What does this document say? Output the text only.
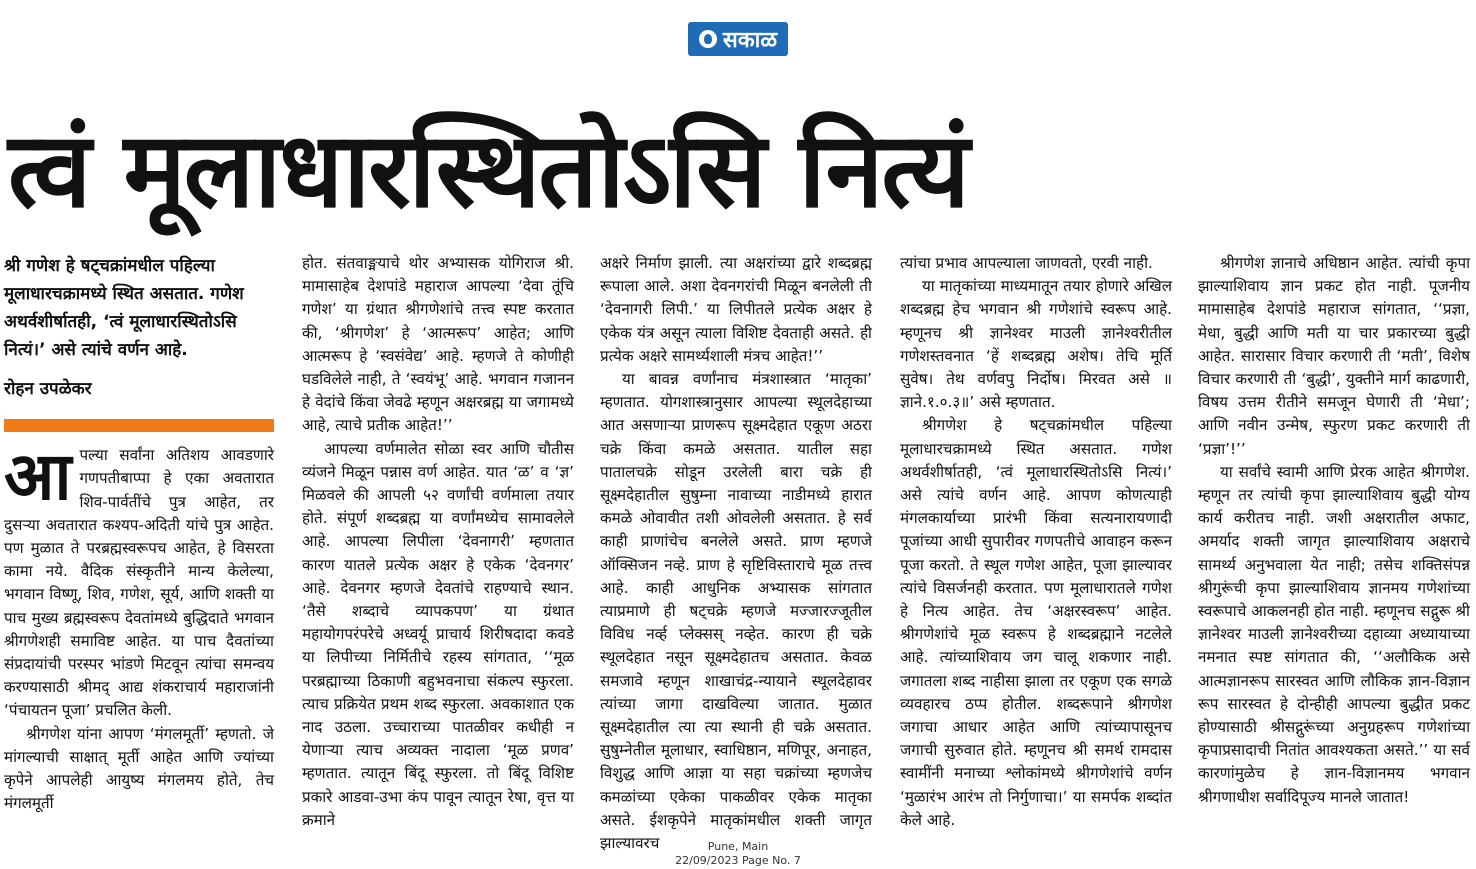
सकाळ
त्वं मूलाधारस्थितोऽसि नित्यं
श्री गणेश हे षट्चक्रांमधील पहिल्या मूलाधारचक्रामध्ये स्थित असतात. गणेश अथर्वशीर्षातही, ‘त्वं मूलाधारस्थितोऽसि नित्यं।’ असे त्यांचे वर्णन आहे.
रोहन उपळेकर

आपल्या सर्वांना अतिशय आवडणारे गणपतीबाप्पा हे एका अवतारात शिव-पार्वतींचे पुत्र आहेत, तर दुसऱ्या अवतारात कश्यप-अदिती यांचे पुत्र आहेत. पण मुळात ते परब्रह्मस्वरूपच आहेत, हे विसरता कामा नये. वैदिक संस्कृतीने मान्य केलेल्या, भगवान विष्णू, शिव, गणेश, सूर्य, आणि शक्ती या पाच मुख्य ब्रह्मस्वरूप देवतांमध्ये बुद्धिदाते भगवान श्रीगणेशही समाविष्ट आहेत. या पाच दैवतांच्या संप्रदायांची परस्पर भांडणे मिटवून त्यांचा समन्वय करण्यासाठी श्रीमद् आद्य शंकराचार्य महाराजांनी ‘पंचायतन पूजा’ प्रचलित केली.

श्रीगणेश यांना आपण ‘मंगलमूर्ती’ म्हणतो. जे मांगल्याची साक्षात् मूर्ती आहेत आणि ज्यांच्या कृपेने आपलेही आयुष्य मंगलमय होते, तेच मंगलमूर्ती

होत. संतवाङ्मयाचे थोर अभ्यासक योगिराज श्री. मामासाहेब देशपांडे महाराज आपल्या ‘देवा तूंचि गणेश’ या ग्रंथात श्रीगणेशांचे तत्त्व स्पष्ट करतात की, ‘श्रीगणेश’ हे ‘आत्मरूप’ आहेत; आणि आत्मरूप हे ‘स्वसंवेद्य’ आहे. म्हणजे ते कोणीही घडविलेले नाही, ते ‘स्वयंभू’ आहे. भगवान गजानन हे वेदांचे किंवा जेवढे म्हणून अक्षरब्रह्म या जगामध्ये आहे, त्याचे प्रतीक आहेत!’’

आपल्या वर्णमालेत सोळा स्वर आणि चौतीस व्यंजने मिळून पन्नास वर्ण आहेत. यात ‘ळ’ व ‘ज्ञ’ मिळवले की आपली ५२ वर्णांची वर्णमाला तयार होते. संपूर्ण शब्दब्रह्म या वर्णांमध्येच सामावलेले आहे. आपल्या लिपीला ‘देवनागरी’ म्हणतात कारण यातले प्रत्येक अक्षर हे एकेक ‘देवनगर’ आहे. देवनगर म्हणजे देवतांचे राहण्याचे स्थान. ‘तैसे शब्दाचे व्यापकपण’ या ग्रंथात महायोगपरंपरेचे अध्वर्यू प्राचार्य शिरीषदादा कवडे या लिपीच्या निर्मितीचे रहस्य सांगतात, ‘‘मूळ परब्रह्माच्या ठिकाणी बहुभवनाचा संकल्प स्फुरला. त्याच प्रक्रियेत प्रथम शब्द स्फुरला. अवकाशात एक नाद उठला. उच्चाराच्या पातळीवर कधीही न येणाऱ्या त्याच अव्यक्त नादाला ‘मूळ प्रणव’ म्हणतात. त्यातून बिंदू स्फुरला. तो बिंदू विशिष्ट प्रकारे आडवा-उभा कंप पावून त्यातून रेषा, वृत्त या क्रमाने

अक्षरे निर्माण झाली. त्या अक्षरांच्या द्वारे शब्दब्रह्म रूपाला आले. अशा देवनगरांची मिळून बनलेली ती ‘देवनागरी लिपी.’ या लिपीतले प्रत्येक अक्षर हे एकेक यंत्र असून त्याला विशिष्ट देवताही असते. ही प्रत्येक अक्षरे सामर्थ्यशाली मंत्रच आहेत!’’

या बावन्न वर्णांनाच मंत्रशास्त्रात ‘मातृका’ म्हणतात. योगशास्त्रानुसार आपल्या स्थूलदेहाच्या आत असणाऱ्या प्राणरूप सूक्ष्मदेहात एकूण अठरा चक्रे किंवा कमळे असतात. यातील सहा पातालचक्रे सोडून उरलेली बारा चक्रे ही सूक्ष्मदेहातील सुषुम्ना नावाच्या नाडीमध्ये हारात कमळे ओवावीत तशी ओवलेली असतात. हे सर्व काही प्राणांचेच बनलेले असते. प्राण म्हणजे ऑक्सिजन नव्हे. प्राण हे सृष्टिविस्ताराचे मूळ तत्त्व आहे. काही आधुनिक अभ्यासक सांगतात त्याप्रमाणे ही षट्चक्रे म्हणजे मज्जारज्जूतील विविध नर्व्ह प्लेक्सस् नव्हेत. कारण ही चक्रे स्थूलदेहात नसून सूक्ष्मदेहातच असतात. केवळ समजावे म्हणून शाखाचंद्र-न्यायाने स्थूलदेहावर त्यांच्या जागा दाखविल्या जातात. मुळात सूक्ष्मदेहातील त्या त्या स्थानी ही चक्रे असतात. सुषुम्नेतील मूलाधार, स्वाधिष्ठान, मणिपूर, अनाहत, विशुद्ध आणि आज्ञा या सहा चक्रांच्या म्हणजेच कमळांच्या एकेका पाकळीवर एकेक मातृका असते. ईशकृपेने मातृकांमधील शक्ती जागृत झाल्यावरच

त्यांचा प्रभाव आपल्याला जाणवतो, एरवी नाही.

या मातृकांच्या माध्यमातून तयार होणारे अखिल शब्दब्रह्म हेच भगवान श्री गणेशांचे स्वरूप आहे. म्हणूनच श्री ज्ञानेश्वर माउली ज्ञानेश्वरीतील गणेशस्तवनात ‘हें शब्दब्रह्म अशेष। तेचि मूर्ति सुवेष। तेथ वर्णवपु निर्दोष। मिरवत असे ॥ज्ञाने.१.०.३॥’ असे म्हणतात.

श्रीगणेश हे षट्चक्रांमधील पहिल्या मूलाधारचक्रामध्ये स्थित असतात. गणेश अथर्वशीर्षातही, ‘त्वं मूलाधारस्थितोऽसि नित्यं।’ असे त्यांचे वर्णन आहे. आपण कोणत्याही मंगलकार्याच्या प्रारंभी किंवा सत्यनारायणादी पूजांच्या आधी सुपारीवर गणपतीचे आवाहन करून पूजा करतो. ते स्थूल गणेश आहेत, पूजा झाल्यावर त्यांचे विसर्जनही करतात. पण मूलाधारातले गणेश हे नित्य आहेत. तेच ‘अक्षरस्वरूप’ आहेत. श्रीगणेशांचे मूळ स्वरूप हे शब्दब्रह्माने नटलेले आहे. त्यांच्याशिवाय जग चालू शकणार नाही. जगातला शब्द नाहीसा झाला तर एकूण एक सगळे व्यवहारच ठप्प होतील. शब्दरूपाने श्रीगणेश जगाचा आधार आहेत आणि त्यांच्यापासूनच जगाची सुरुवात होते. म्हणूनच श्री समर्थ रामदास स्वामींनी मनाच्या श्लोकांमध्ये श्रीगणेशांचे वर्णन ‘मुळारंभ आरंभ तो निर्गुणाचा।’ या समर्पक शब्दांत केले आहे.

श्रीगणेश ज्ञानाचे अधिष्ठान आहेत. त्यांची कृपा झाल्याशिवाय ज्ञान प्रकट होत नाही. पूजनीय मामासाहेब देशपांडे महाराज सांगतात, ‘‘प्रज्ञा, मेधा, बुद्धी आणि मती या चार प्रकारच्या बुद्धी आहेत. सारासार विचार करणारी ती ‘मती’, विशेष विचार करणारी ती ‘बुद्धी’, युक्तीने मार्ग काढणारी, विषय उत्तम रीतीने समजून घेणारी ती ‘मेधा’; आणि नवीन उन्मेष, स्फुरण प्रकट करणारी ती ‘प्रज्ञा’!’’

या सर्वांचे स्वामी आणि प्रेरक आहेत श्रीगणेश. म्हणून तर त्यांची कृपा झाल्याशिवाय बुद्धी योग्य कार्य करीतच नाही. जशी अक्षरातील अफाट, अमर्याद शक्ती जागृत झाल्याशिवाय अक्षराचे सामर्थ्य अनुभवाला येत नाही; तसेच शक्तिसंपन्न श्रीगुरूंची कृपा झाल्याशिवाय ज्ञानमय गणेशांच्या स्वरूपाचे आकलनही होत नाही. म्हणूनच सद्गुरू श्री ज्ञानेश्वर माउली ज्ञानेश्वरीच्या दहाव्या अध्यायाच्या नमनात स्पष्ट सांगतात की, ‘‘अलौकिक असे आत्मज्ञानरूप सारस्वत आणि लौकिक ज्ञान-विज्ञान रूप सारस्वत हे दोन्हीही आपल्या बुद्धीत प्रकट होण्यासाठी श्रीसद्गुरूंच्या अनुग्रहरूप गणेशांच्या कृपाप्रसादाची नितांत आवश्यकता असते.’’ या सर्व कारणांमुळेच हे ज्ञान-विज्ञानमय भगवान श्रीगणाधीश सर्वादिपूज्य मानले जातात!

Pune, Main
22/09/2023 Page No. 7
